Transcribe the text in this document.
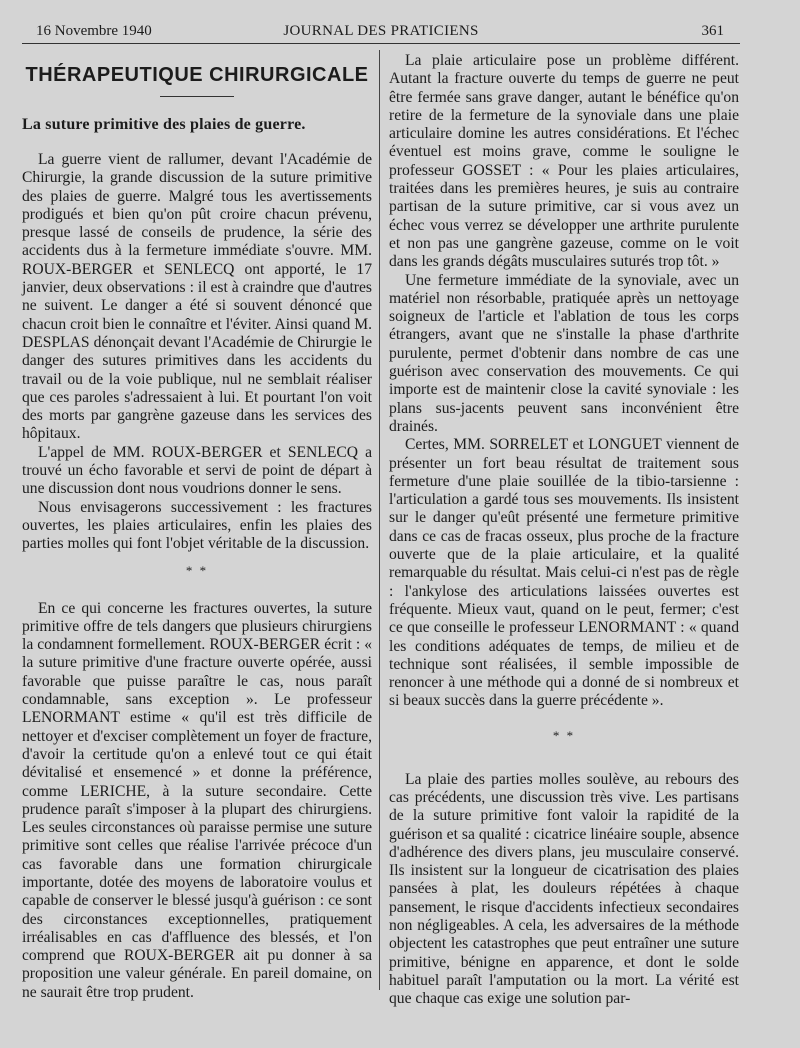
16 Novembre 1940	JOURNAL DES PRATICIENS	361
THÉRAPEUTIQUE CHIRURGICALE
La suture primitive des plaies de guerre.

La guerre vient de rallumer, devant l'Académie de Chirurgie, la grande discussion de la suture primitive des plaies de guerre. Malgré tous les avertissements prodigués et bien qu'on pût croire chacun prévenu, presque lassé de conseils de prudence, la série des accidents dus à la fermeture immédiate s'ouvre. MM. ROUX-BERGER et SENLECQ ont apporté, le 17 janvier, deux observations : il est à craindre que d'autres ne suivent. Le danger a été si souvent dénoncé que chacun croit bien le connaître et l'éviter. Ainsi quand M. DESPLAS dénonçait devant l'Académie de Chirurgie le danger des sutures primitives dans les accidents du travail ou de la voie publique, nul ne semblait réaliser que ces paroles s'adressaient à lui. Et pourtant l'on voit des morts par gangrène gazeuse dans les services des hôpitaux.

L'appel de MM. ROUX-BERGER et SENLECQ a trouvé un écho favorable et servi de point de départ à une discussion dont nous voudrions donner le sens.

Nous envisagerons successivement : les fractures ouvertes, les plaies articulaires, enfin les plaies des parties molles qui font l'objet véritable de la discussion.

* *

En ce qui concerne les fractures ouvertes, la suture primitive offre de tels dangers que plusieurs chirurgiens la condamnent formellement. ROUX-BERGER écrit : « la suture primitive d'une fracture ouverte opérée, aussi favorable que puisse paraître le cas, nous paraît condamnable, sans exception ». Le professeur LENORMANT estime « qu'il est très difficile de nettoyer et d'exciser complètement un foyer de fracture, d'avoir la certitude qu'on a enlevé tout ce qui était dévitalisé et ensemencé » et donne la préférence, comme LERICHE, à la suture secondaire. Cette prudence paraît s'imposer à la plupart des chirurgiens. Les seules circonstances où paraisse permise une suture primitive sont celles que réalise l'arrivée précoce d'un cas favorable dans une formation chirurgicale importante, dotée des moyens de laboratoire voulus et capable de conserver le blessé jusqu'à guérison : ce sont des circonstances exceptionnelles, pratiquement irréalisables en cas d'affluence des blessés, et l'on comprend que ROUX-BERGER ait pu donner à sa proposition une valeur générale. En pareil domaine, on ne saurait être trop prudent.

La plaie articulaire pose un problème différent. Autant la fracture ouverte du temps de guerre ne peut être fermée sans grave danger, autant le bénéfice qu'on retire de la fermeture de la synoviale dans une plaie articulaire domine les autres considérations. Et l'échec éventuel est moins grave, comme le souligne le professeur GOSSET : « Pour les plaies articulaires, traitées dans les premières heures, je suis au contraire partisan de la suture primitive, car si vous avez un échec vous verrez se développer une arthrite purulente et non pas une gangrène gazeuse, comme on le voit dans les grands dégâts musculaires suturés trop tôt. »

Une fermeture immédiate de la synoviale, avec un matériel non résorbable, pratiquée après un nettoyage soigneux de l'article et l'ablation de tous les corps étrangers, avant que ne s'installe la phase d'arthrite purulente, permet d'obtenir dans nombre de cas une guérison avec conservation des mouvements. Ce qui importe est de maintenir close la cavité synoviale : les plans sus-jacents peuvent sans inconvénient être drainés.

Certes, MM. SORRELET et LONGUET viennent de présenter un fort beau résultat de traitement sous fermeture d'une plaie souillée de la tibio-tarsienne : l'articulation a gardé tous ses mouvements. Ils insistent sur le danger qu'eût présenté une fermeture primitive dans ce cas de fracas osseux, plus proche de la fracture ouverte que de la plaie articulaire, et la qualité remarquable du résultat. Mais celui-ci n'est pas de règle : l'ankylose des articulations laissées ouvertes est fréquente. Mieux vaut, quand on le peut, fermer; c'est ce que conseille le professeur LENORMANT : « quand les conditions adéquates de temps, de milieu et de technique sont réalisées, il semble impossible de renoncer à une méthode qui a donné de si nombreux et si beaux succès dans la guerre précédente ».

* *

La plaie des parties molles soulève, au rebours des cas précédents, une discussion très vive. Les partisans de la suture primitive font valoir la rapidité de la guérison et sa qualité : cicatrice linéaire souple, absence d'adhérence des divers plans, jeu musculaire conservé. Ils insistent sur la longueur de cicatrisation des plaies pansées à plat, les douleurs répétées à chaque pansement, le risque d'accidents infectieux secondaires non négligeables. A cela, les adversaires de la méthode objectent les catastrophes que peut entraîner une suture primitive, bénigne en apparence, et dont le solde habituel paraît l'amputation ou la mort. La vérité est que chaque cas exige une solution par-
